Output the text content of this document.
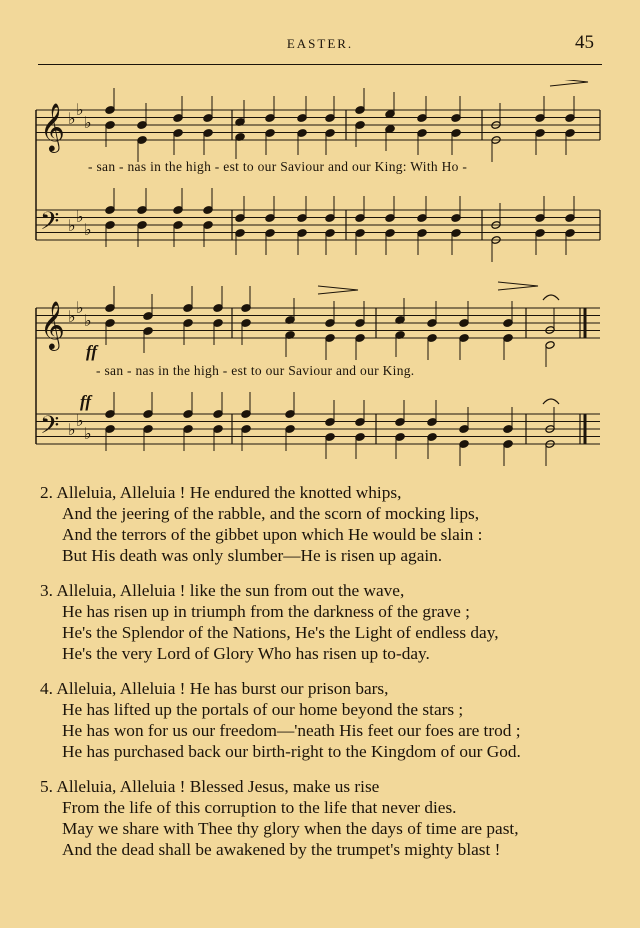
EASTER.	45
𝄞
𝄢
♭ ♭
♭
♭ ♭
♭
- san - nas in the high - est to our Saviour and our King: With Ho -
𝄞
𝄢
♭ ♭
♭
♭ ♭
♭
- san - nas in the high - est to our Saviour and our King.
ff
ff
2. Alleluia, Alleluia ! He endured the knotted whips,
And the jeering of the rabble, and the scorn of mocking lips,
And the terrors of the gibbet upon which He would be slain :
But His death was only slumber—He is risen up again.
3. Alleluia, Alleluia ! like the sun from out the wave,
He has risen up in triumph from the darkness of the grave ;
He's the Splendor of the Nations, He's the Light of endless day,
He's the very Lord of Glory Who has risen up to-day.
4. Alleluia, Alleluia ! He has burst our prison bars,
He has lifted up the portals of our home beyond the stars ;
He has won for us our freedom—'neath His feet our foes are trod ;
He has purchased back our birth-right to the Kingdom of our God.
5. Alleluia, Alleluia ! Blessed Jesus, make us rise
From the life of this corruption to the life that never dies.
May we share with Thee thy glory when the days of time are past,
And the dead shall be awakened by the trumpet's mighty blast !
